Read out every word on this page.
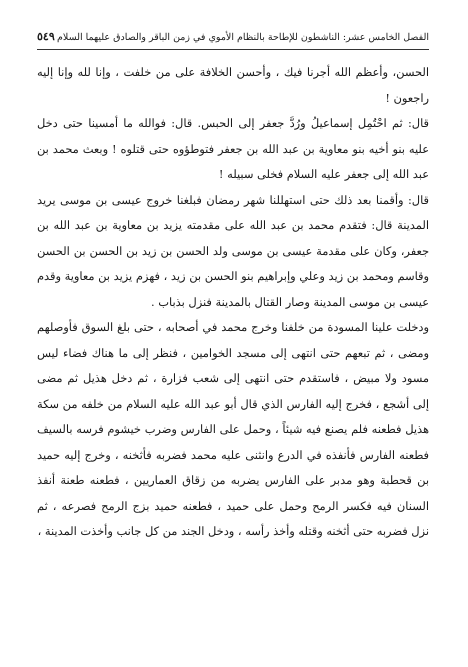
الفصل الخامس عشر: الناشطون للإطاحة بالنظام الأموي في زمن الباقر والصادق عليهما السلام
٥٤٩

الحسن، وأعظم الله أجرنا فيك ، وأحسن الخلافة على من خلفت ، وإنا لله وإنا إليه راجعون !

قال: ثم احْتُمِل إسماعيلُ ورُدَّ جعفر إلى الحبس. قال: فوالله ما أمسينا حتى دخل عليه بنو أخيه بنو معاوية بن عبد الله بن جعفر فتوطؤوه حتى قتلوه ! وبعث محمد بن عبد الله إلى جعفر عليه السلام فخلى سبيله !

قال: وأقمنا بعد ذلك حتى استهللنا شهر رمضان فبلغنا خروج عيسى بن موسى يريد المدينة قال: فتقدم محمد بن عبد الله على مقدمته يزيد بن معاوية بن عبد الله بن جعفر، وكان على مقدمة عيسى بن موسى ولد الحسن بن زيد بن الحسن بن الحسن وقاسم ومحمد بن زيد وعلي وإبراهيم بنو الحسن بن زيد ، فهزم يزيد بن معاوية وقدم عيسى بن موسى المدينة وصار القتال بالمدينة فنزل بذباب .

ودخلت علينا المسودة من خلفنا وخرج محمد في أصحابه ، حتى بلغ السوق فأوصلهم ومضى ، ثم تبعهم حتى انتهى إلى مسجد الخوامين ، فنظر إلى ما هناك فضاء ليس مسود ولا مبيض ، فاستقدم حتى انتهى إلى شعب فزارة ، ثم دخل هذيل ثم مضى إلى أشجع ، فخرج إليه الفارس الذي قال أبو عبد الله عليه السلام من خلفه من سكة هذيل فطعنه فلم يصنع فيه شيئاً ، وحمل على الفارس وضرب خيشوم فرسه بالسيف فطعنه الفارس فأنفذه في الدرع وانثنى عليه محمد فضربه فأثخنه ، وخرج إليه حميد بن قحطبة وهو مدبر على الفارس يضربه من زقاق العماريين ، فطعنه طعنة أنفذ السنان فيه فكسر الرمح وحمل على حميد ، فطعنه حميد بزج الرمح فصرعه ، ثم نزل فضربه حتى أثخنه وقتله وأخذ رأسه ، ودخل الجند من كل جانب وأخذت المدينة ،
